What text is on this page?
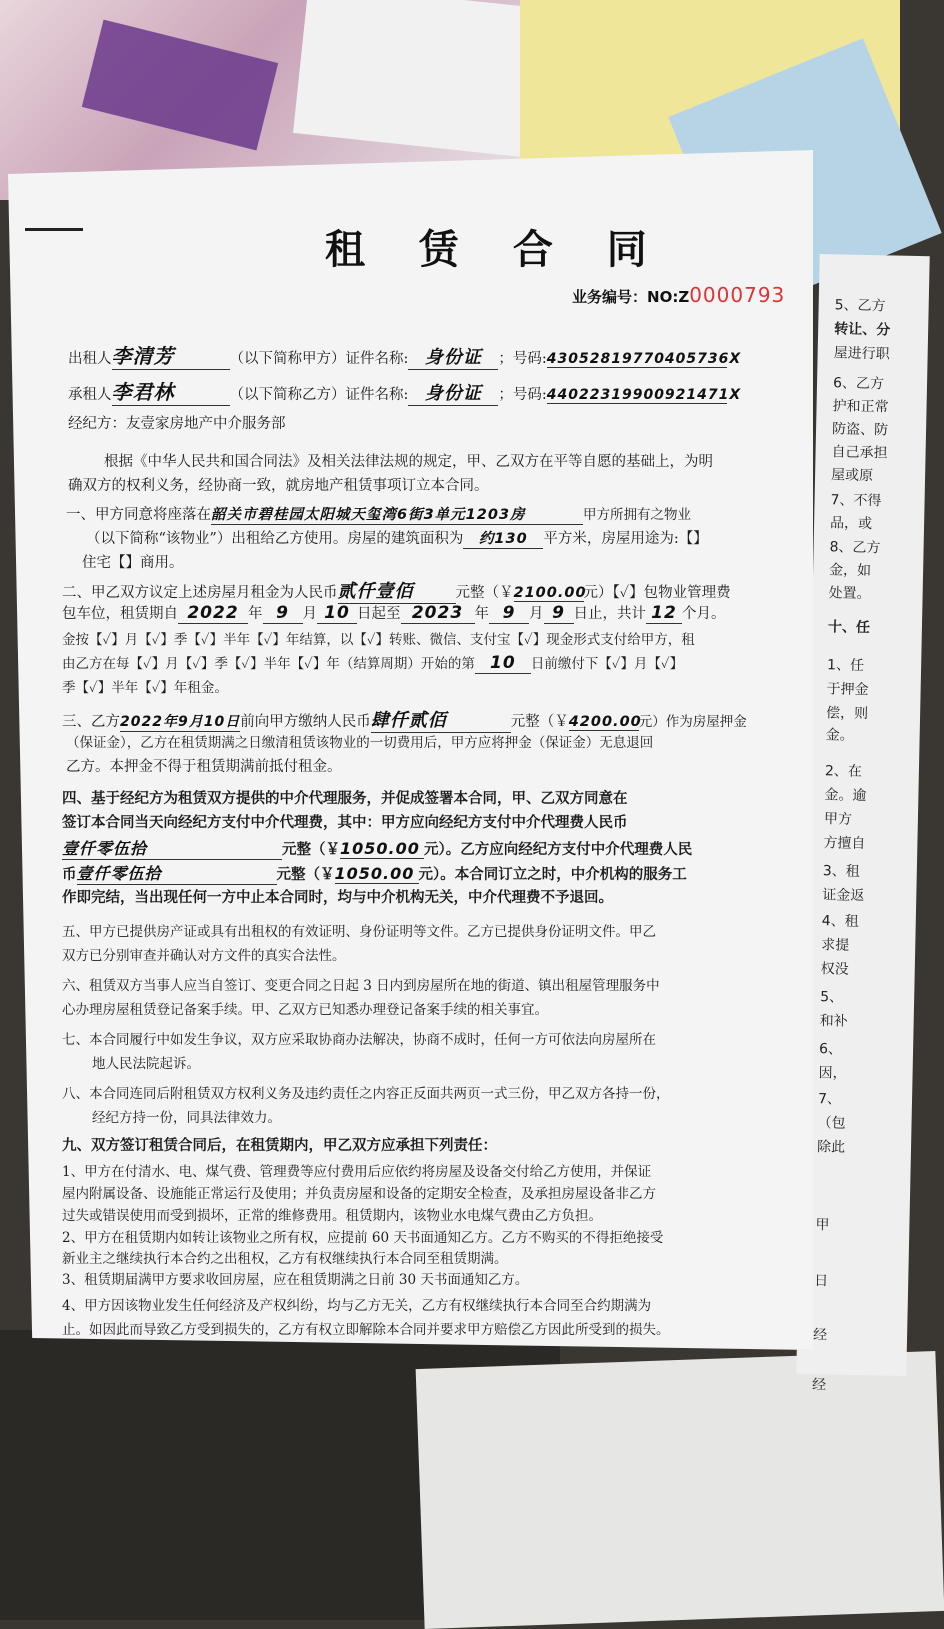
5、乙方
转让、分
屋进行职
6、乙方
护和正常
防盗、防
自己承担
屋或原
7、不得
品，或
8、乙方
金，如
处置。
十、任
1、任
于押金
偿，则
金。
2、在
金。逾
甲方
方擅自
3、租
证金返
4、租
求提
权没
5、
和补
6、
因，
7、
（包
除此
甲
日
经
经
租 赁 合 同
业务编号：NO:Z0000793
出租人李清芳	（以下简称甲方）证件名称: 身份证 ；号码:43052819770405736X
承租人李君林	（以下简称乙方）证件名称: 身份证 ；号码:44022319900921471X
经纪方：友壹家房地产中介服务部
根据《中华人民共和国合同法》及相关法律法规的规定，甲、乙双方在平等自愿的基础上，为明
确双方的权利义务，经协商一致，就房地产租赁事项订立本合同。
一、甲方同意将座落在韶关市碧桂园太阳城天玺湾6街3单元1203房	甲方所拥有之物业
（以下简称“该物业”）出租给乙方使用。房屋的建筑面积为 约130 平方米，房屋用途为:【】
住宅【】商用。
二、甲乙双方议定上述房屋月租金为人民币贰仟壹佰	元整（￥2100.00元）【✓】包物业管理费
包车位，租赁期自 2022 年 9 月 10 日起至 2023 年 9 月 9 日止，共计 12 个月。
金按【✓】月【✓】季【✓】半年【✓】年结算，以【✓】转账、微信、支付宝【✓】现金形式支付给甲方，租
由乙方在每【✓】月【✓】季【✓】半年【✓】年（结算周期）开始的第 10 日前缴付下【✓】月【✓】
季【✓】半年【✓】年租金。
三、乙方2022年9月10日前向甲方缴纳人民币肆仟贰佰	元整（￥4200.00元）作为房屋押金
（保证金），乙方在租赁期满之日缴清租赁该物业的一切费用后，甲方应将押金（保证金）无息退回
乙方。本押金不得于租赁期满前抵付租金。
四、基于经纪方为租赁双方提供的中介代理服务，并促成签署本合同，甲、乙双方同意在
签订本合同当天向经纪方支付中介代理费，其中：甲方应向经纪方支付中介代理费人民币
壹仟零伍拾	元整（￥1050.00 元）。乙方应向经纪方支付中介代理费人民
币壹仟零伍拾	元整（￥1050.00 元）。本合同订立之时，中介机构的服务工
作即完结，当出现任何一方中止本合同时，均与中介机构无关，中介代理费不予退回。
五、甲方已提供房产证或具有出租权的有效证明、身份证明等文件。乙方已提供身份证明文件。甲乙
双方已分别审查并确认对方文件的真实合法性。
六、租赁双方当事人应当自签订、变更合同之日起 3 日内到房屋所在地的街道、镇出租屋管理服务中
心办理房屋租赁登记备案手续。甲、乙双方已知悉办理登记备案手续的相关事宜。
七、本合同履行中如发生争议，双方应采取协商办法解决，协商不成时，任何一方可依法向房屋所在
地人民法院起诉。
八、本合同连同后附租赁双方权利义务及违约责任之内容正反面共两页一式三份，甲乙双方各持一份，
经纪方持一份，同具法律效力。
九、双方签订租赁合同后，在租赁期内，甲乙双方应承担下列责任：
1、甲方在付清水、电、煤气费、管理费等应付费用后应依约将房屋及设备交付给乙方使用，并保证
屋内附属设备、设施能正常运行及使用；并负责房屋和设备的定期安全检查，及承担房屋设备非乙方
过失或错误使用而受到损坏，正常的维修费用。租赁期内，该物业水电煤气费由乙方负担。
2、甲方在租赁期内如转让该物业之所有权，应提前 60 天书面通知乙方。乙方不购买的不得拒绝接受
新业主之继续执行本合约之出租权，乙方有权继续执行本合同至租赁期满。
3、租赁期届满甲方要求收回房屋，应在租赁期满之日前 30 天书面通知乙方。
4、甲方因该物业发生任何经济及产权纠纷，均与乙方无关，乙方有权继续执行本合同至合约期满为
止。如因此而导致乙方受到损失的，乙方有权立即解除本合同并要求甲方赔偿乙方因此所受到的损失。
